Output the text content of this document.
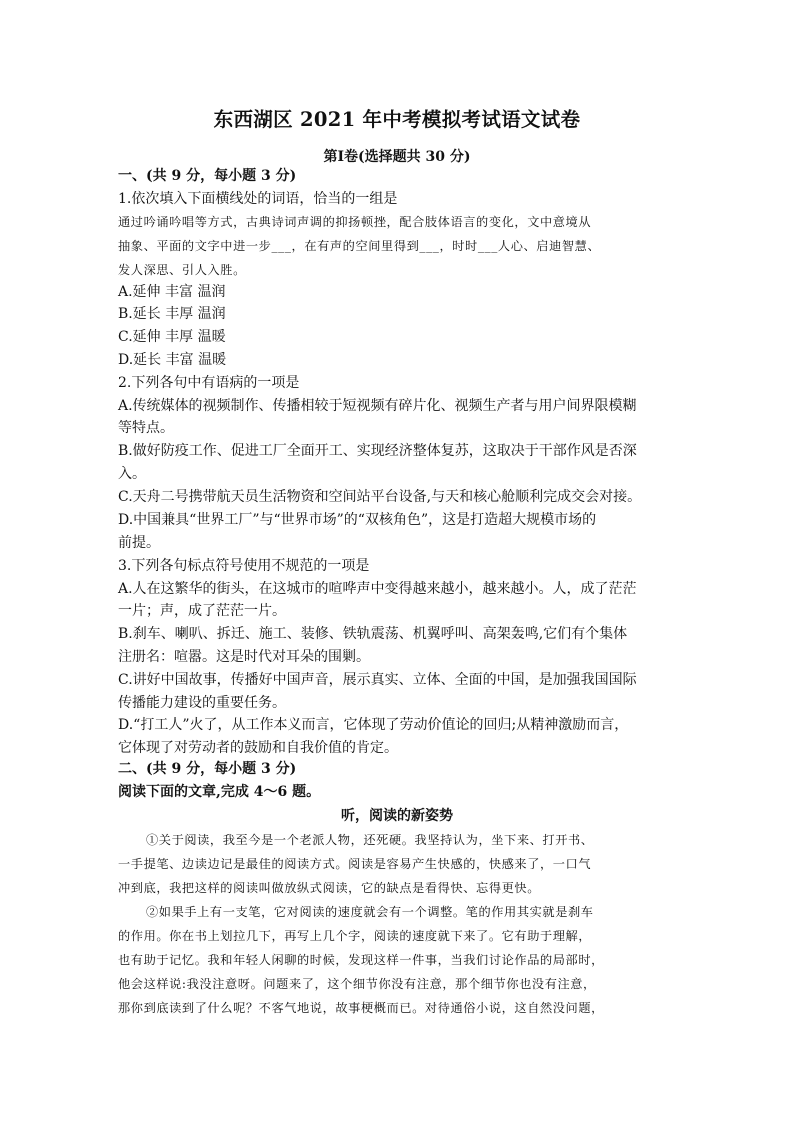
东西湖区 2021 年中考模拟考试语文试卷
第Ⅰ卷(选择题共 30 分)
一、(共 9 分，每小题 3 分)
1.依次填入下面横线处的词语，恰当的一组是
通过吟诵吟唱等方式，古典诗词声调的抑扬顿挫，配合肢体语言的变化，文中意境从
抽象、平面的文字中进一步___，在有声的空间里得到___，时时___人心、启迪智慧、
发人深思、引人入胜。
A.延伸 丰富 温润
B.延长 丰厚 温润
C.延伸 丰厚 温暖
D.延长 丰富 温暖
2.下列各句中有语病的一项是
A.传统媒体的视频制作、传播相较于短视频有碎片化、视频生产者与用户间界限模糊
等特点。
B.做好防疫工作、促进工厂全面开工、实现经济整体复苏，这取决于干部作风是否深
入。
C.天舟二号携带航天员生活物资和空间站平台设备,与天和核心舱顺利完成交会对接。
D.中国兼具“世界工厂”与“世界市场”的“双核角色”，这是打造超大规模市场的
前提。
3.下列各句标点符号使用不规范的一项是
A.人在这繁华的街头，在这城市的喧哗声中变得越来越小，越来越小。人，成了茫茫
一片；声，成了茫茫一片。
B.刹车、喇叭、拆迁、施工、装修、铁轨震荡、机翼呼叫、高架轰鸣,它们有个集体
注册名：喧嚣。这是时代对耳朵的围剿。
C.讲好中国故事，传播好中国声音，展示真实、立体、全面的中国，是加强我国国际
传播能力建设的重要任务。
D.“打工人”火了，从工作本义而言，它体现了劳动价值论的回归;从精神激励而言，
它体现了对劳动者的鼓励和自我价值的肯定。
二、(共 9 分，每小题 3 分)
阅读下面的文章,完成 4～6 题。
听，阅读的新姿势
①关于阅读，我至今是一个老派人物，还死硬。我坚持认为，坐下来、打开书、
一手提笔、边读边记是最佳的阅读方式。阅读是容易产生快感的，快感来了，一口气
冲到底，我把这样的阅读叫做放纵式阅读，它的缺点是看得快、忘得更快。
②如果手上有一支笔，它对阅读的速度就会有一个调整。笔的作用其实就是刹车
的作用。你在书上划拉几下，再写上几个字，阅读的速度就下来了。它有助于理解，
也有助于记忆。我和年轻人闲聊的时候，发现这样一件事，当我们讨论作品的局部时，
他会这样说:我没注意呀。问题来了，这个细节你没有注意，那个细节你也没有注意，
那你到底读到了什么呢？不客气地说，故事梗概而已。对待通俗小说，这自然没问题，
